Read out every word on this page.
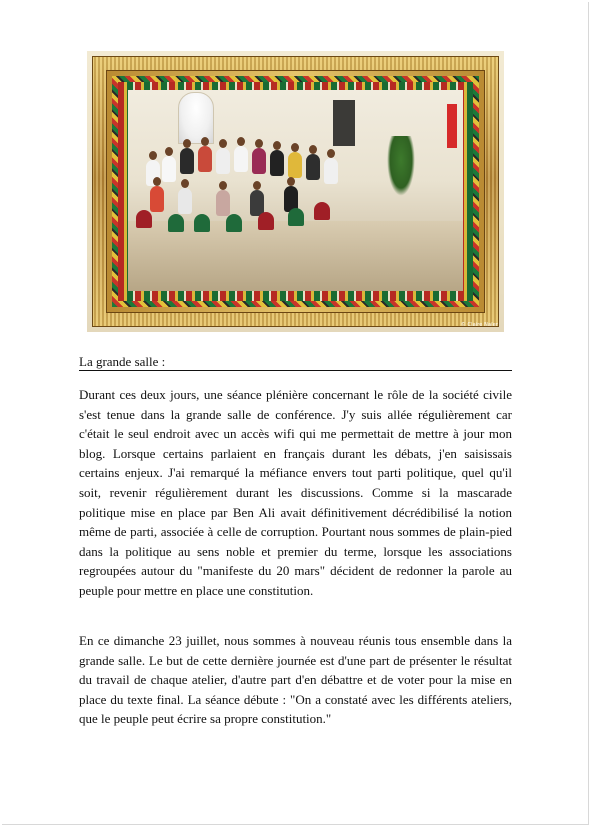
© Claire Naïer
La grande salle :

Durant ces deux jours, une séance plénière concernant le rôle de la société civile s'est tenue dans la grande salle de conférence. J'y suis allée régulièrement car c'était le seul endroit avec un accès wifi qui me permettait de mettre à jour mon blog. Lorsque certains parlaient en français durant les débats, j'en saisissais certains enjeux. J'ai remarqué la méfiance envers tout parti politique, quel qu'il soit, revenir régulièrement durant les discussions. Comme si la mascarade politique mise en place par Ben Ali avait définitivement décrédibilisé la notion même de parti, associée à celle de corruption. Pourtant nous sommes de plain-pied dans la politique au sens noble et premier du terme, lorsque les associations regroupées autour du "manifeste du 20 mars" décident de redonner la parole au peuple pour mettre en place une constitution.

En ce dimanche 23 juillet, nous sommes à nouveau réunis tous ensemble dans la grande salle. Le but de cette dernière journée est d'une part de présenter le résultat du travail de chaque atelier, d'autre part d'en débattre et de voter pour la mise en place du texte final. La séance débute : "On a constaté avec les différents ateliers, que le peuple peut écrire sa propre constitution."
